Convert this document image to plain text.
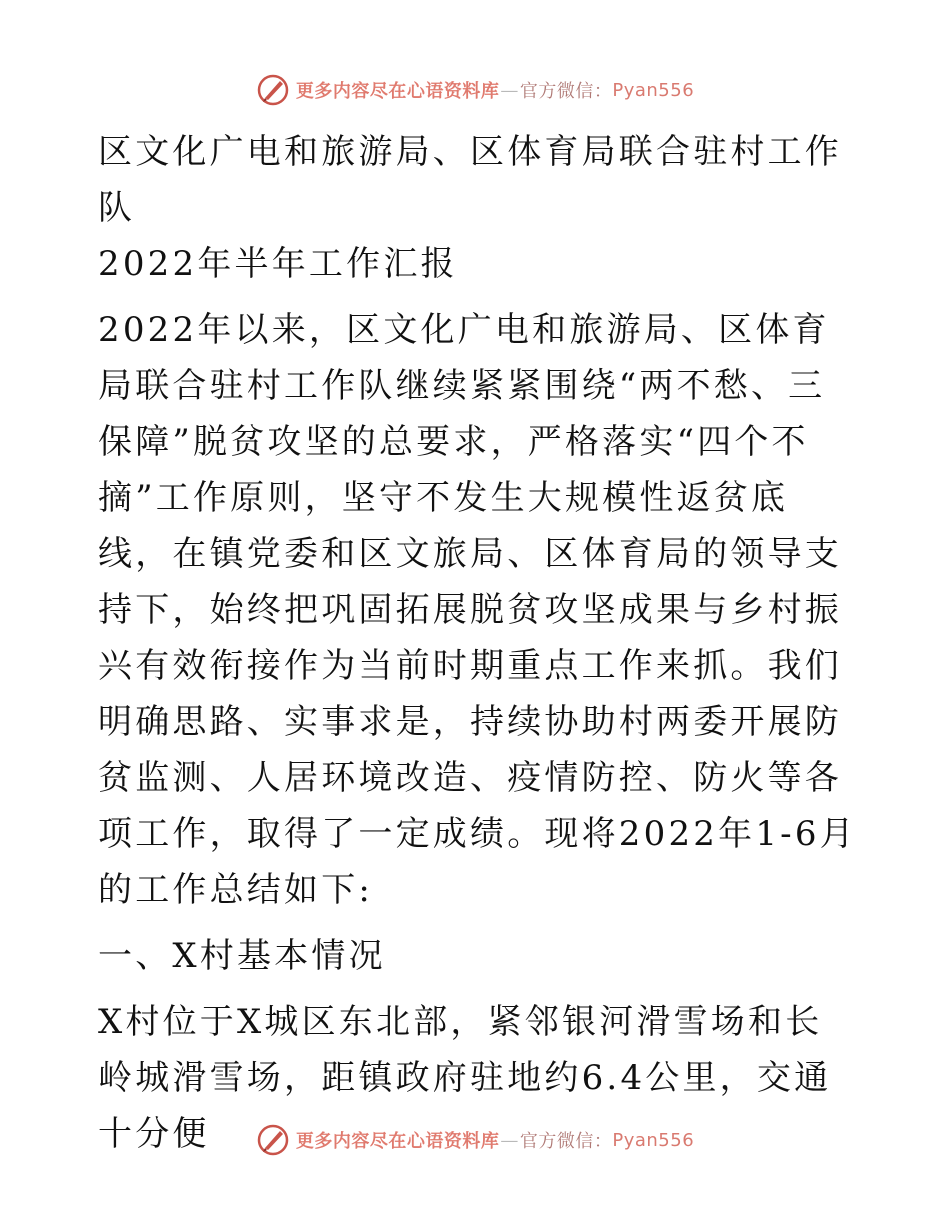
更多内容尽在心语资料库 — 官方微信： Pyan556

区文化广电和旅游局、区体育局联合驻村工作队
2022年半年工作汇报

2022年以来，区文化广电和旅游局、区体育局联合驻村工作队继续紧紧围绕“两不愁、三保障”脱贫攻坚的总要求，严格落实“四个不摘”工作原则，坚守不发生大规模性返贫底线，在镇党委和区文旅局、区体育局的领导支持下，始终把巩固拓展脱贫攻坚成果与乡村振兴有效衔接作为当前时期重点工作来抓。我们明确思路、实事求是，持续协助村两委开展防贫监测、人居环境改造、疫情防控、防火等各项工作，取得了一定成绩。现将2022年1-6月的工作总结如下:

一、X村基本情况

X村位于X城区东北部，紧邻银河滑雪场和长岭城滑雪场，距镇政府驻地约6.4公里，交通十分便	更多内容尽在心语资料库 — 官方微信： Pyan556
